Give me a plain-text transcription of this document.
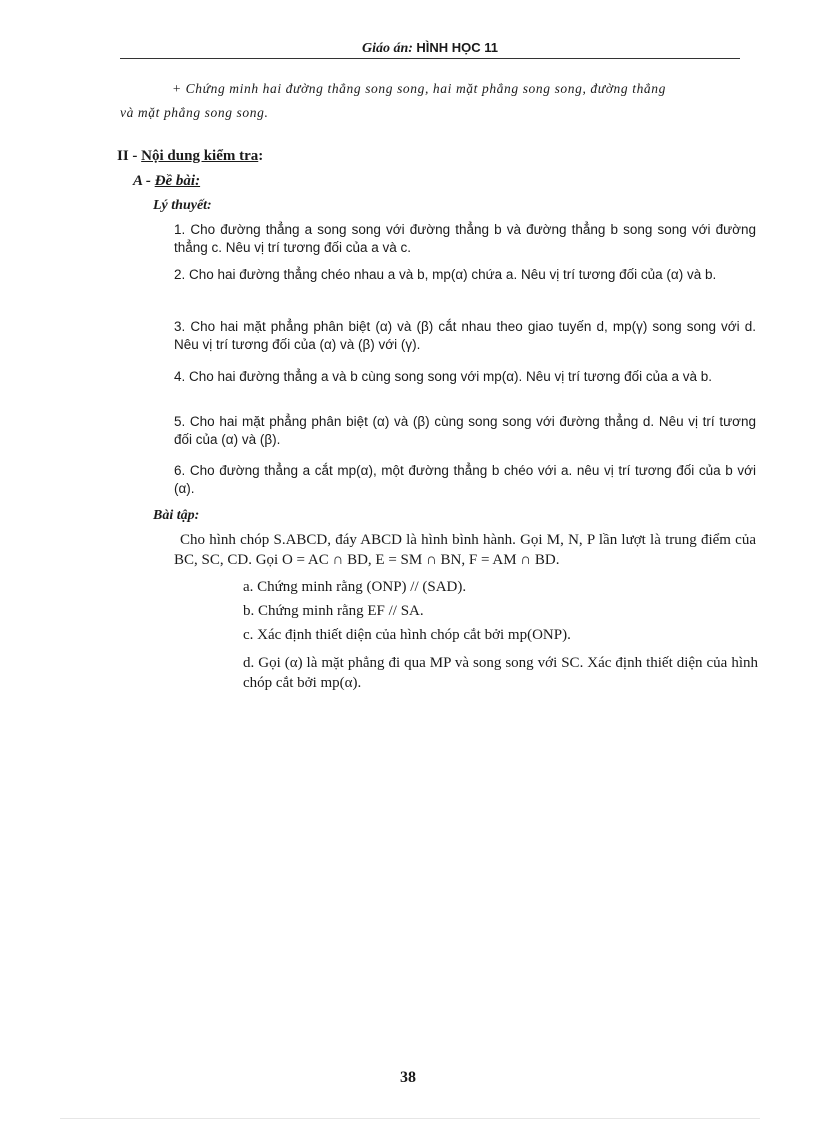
Giáo án: HÌNH HỌC 11
+ Chứng minh hai đường thẳng song song, hai mặt phẳng song song, đường thẳng
và mặt phẳng song song.
II - Nội dung kiểm tra:
A - Đề bài:
Lý thuyết:
1. Cho đường thẳng a song song với đường thẳng b và đường thẳng b song song với đường thẳng c. Nêu vị trí tương đối của a và c.
2. Cho hai đường thẳng chéo nhau a và b, mp(α) chứa a. Nêu vị trí tương đối của (α) và b.
3. Cho hai mặt phẳng phân biệt (α) và (β) cắt nhau theo giao tuyến d, mp(γ) song song với d. Nêu vị trí tương đối của (α) và (β) với (γ).
4. Cho hai đường thẳng a và b cùng song song với mp(α). Nêu vị trí tương đối của a và b.
5. Cho hai mặt phẳng phân biệt (α) và (β) cùng song song với đường thẳng d. Nêu vị trí tương đối của (α) và (β).
6. Cho đường thẳng a cắt mp(α), một đường thẳng b chéo với a. nêu vị trí tương đối của b với (α).
Bài tập:
Cho hình chóp S.ABCD, đáy ABCD là hình bình hành. Gọi M, N, P lần lượt là trung điểm của BC, SC, CD. Gọi O = AC ∩ BD, E = SM ∩ BN, F = AM ∩ BD.
a. Chứng minh rằng (ONP) // (SAD).
b. Chứng minh rằng EF // SA.
c. Xác định thiết diện của hình chóp cắt bởi mp(ONP).
d. Gọi (α) là mặt phẳng đi qua MP và song song với SC. Xác định thiết diện của hình chóp cắt bởi mp(α).
38
